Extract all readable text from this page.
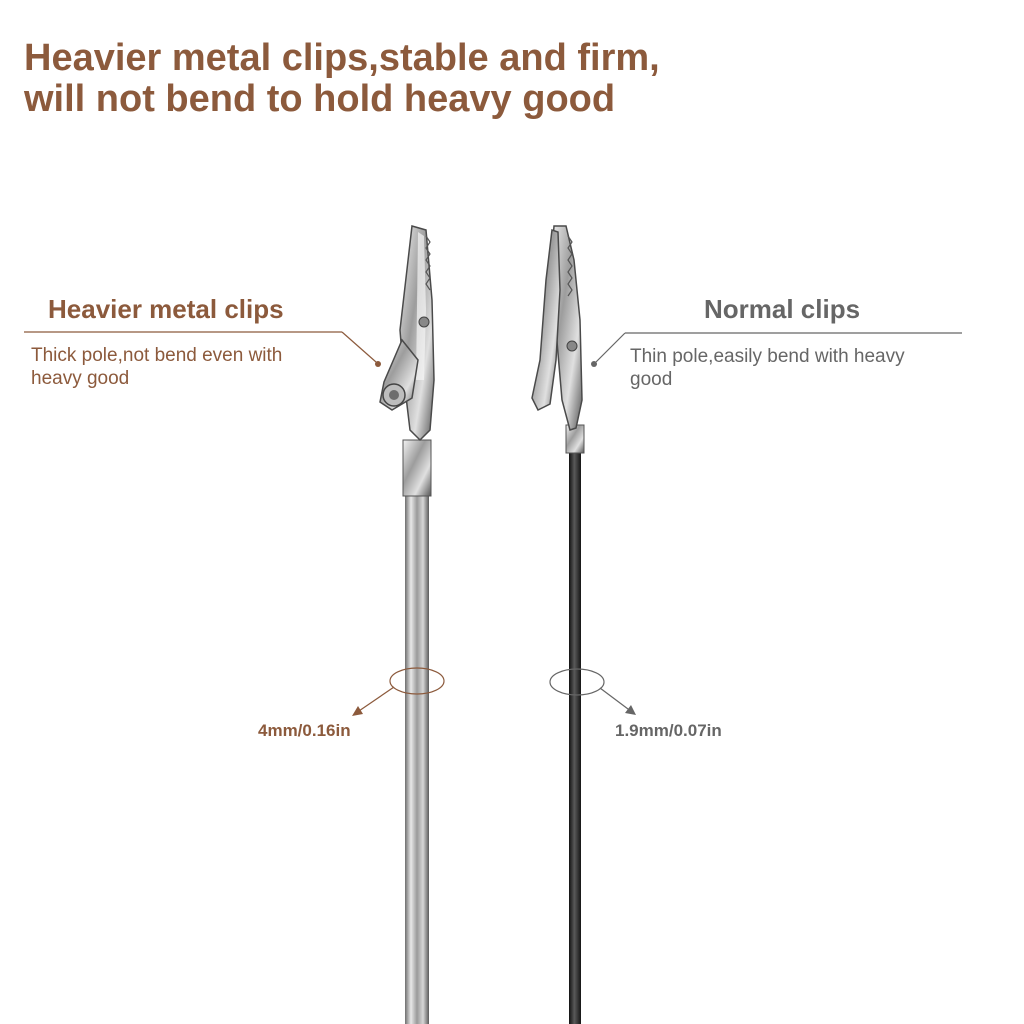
Heavier metal clips,stable and firm,
will not bend to hold heavy good
Heavier metal clips
Thick pole,not bend even with
heavy good
4mm/0.16in
Normal clips
Thin pole,easily bend with heavy
good
1.9mm/0.07in
